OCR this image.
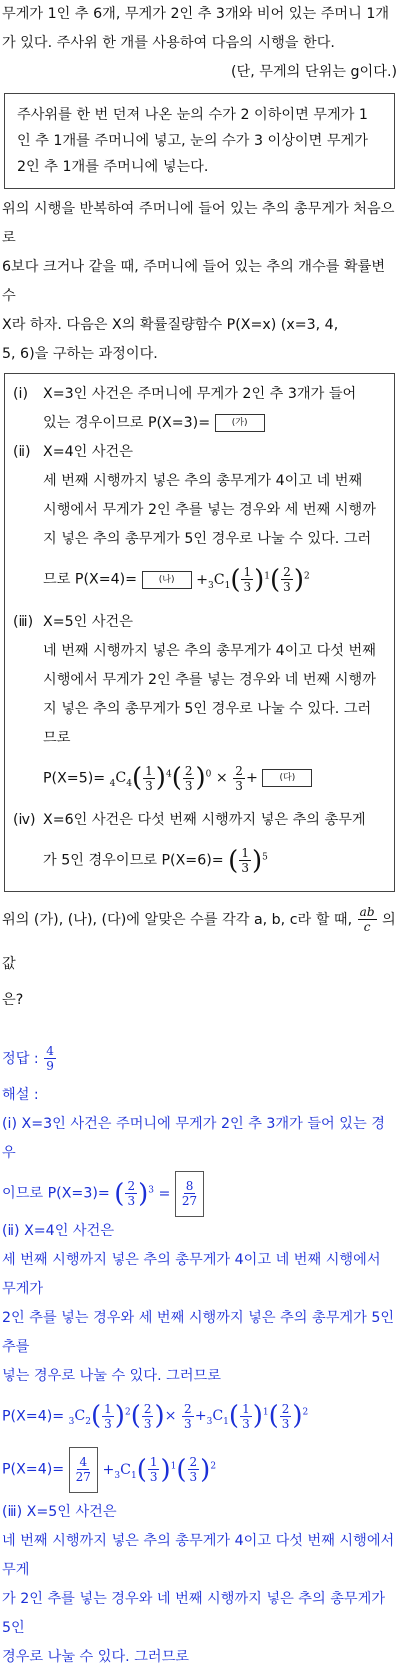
무게가 1인 추 6개, 무게가 2인 추 3개와 비어 있는 주머니 1개

가 있다. 주사위 한 개를 사용하여 다음의 시행을 한다.

(단, 무게의 단위는 g이다.)

주사위를 한 번 던져 나온 눈의 수가 2 이하이면 무게가 1

인 추 1개를 주머니에 넣고, 눈의 수가 3 이상이면 무게가

2인 추 1개를 주머니에 넣는다.

위의 시행을 반복하여 주머니에 들어 있는 추의 총무게가 처음으로

6보다 크거나 같을 때, 주머니에 들어 있는 추의 개수를 확률변수

X라 하자. 다음은 X의 확률질량함수 P(X=x) (x=3, 4,

5, 6)을 구하는 과정이다.

(ⅰ)	X=3인 사건은 주머니에 무게가 2인 추 3개가 들어

있는 경우이므로 P(X=3)= (가)

(ⅱ) X=4인 사건은

세 번째 시행까지 넣은 추의 총무게가 4이고 네 번째

시행에서 무게가 2인 추를 넣는 경우와 세 번째 시행까

지 넣은 추의 총무게가 5인 경우로 나눌 수 있다. 그러

므로 P(X=4)= (나) $+_3C_1( \frac{1}{3} )^1( \frac{2}{3} )^2$

(ⅲ) X=5인 사건은

네 번째 시행까지 넣은 추의 총무게가 4이고 다섯 번째

시행에서 무게가 2인 추를 넣는 경우와 네 번째 시행까

지 넣은 추의 총무게가 5인 경우로 나눌 수 있다. 그러

므로

$P(X=5)= _4C_4( \frac{1}{3} )^4( \frac{2}{3} )^0 \times \frac{2}{3}$ + (다)

(ⅳ) X=6인 사건은 다섯 번째 시행까지 넣은 추의 총무게

가 5인 경우이므로 P(X=6)= ( $\frac{1}{3} )^5$

위의 (가), (나), (다)에 알맞은 수를 각각 a, b, c라 할 때, $\frac{ab}{c}$ 의 값

은?

정답 : $\frac{4}{9}$

해설 :

(ⅰ) X=3인 사건은 주머니에 무게가 2인 추 3개가 들어 있는 경우

이므로 P(X=3)= ( $\frac{2}{3} )^3 = \frac{8}{27}$

(ⅱ) X=4인 사건은

세 번째 시행까지 넣은 추의 총무게가 4이고 네 번째 시행에서 무게가

2인 추를 넣는 경우와 세 번째 시행까지 넣은 추의 총무게가 5인 추를

넣는 경우로 나눌 수 있다. 그러므로

$P(X=4)= _3C_2( \frac{1}{3} )^2( \frac{2}{3}$ )× $\frac{2}{3} +_3C_1( \frac{1}{3} )^1( \frac{2}{3} )^2$

$P(X=4)= \frac{4}{27} +_3C_1( \frac{1}{3} )^1( \frac{2}{3} )^2$

(ⅲ) X=5인 사건은

네 번째 시행까지 넣은 추의 총무게가 4이고 다섯 번째 시행에서 무게

가 2인 추를 넣는 경우와 네 번째 시행까지 넣은 추의 총무게가 5인

경우로 나눌 수 있다. 그러므로
